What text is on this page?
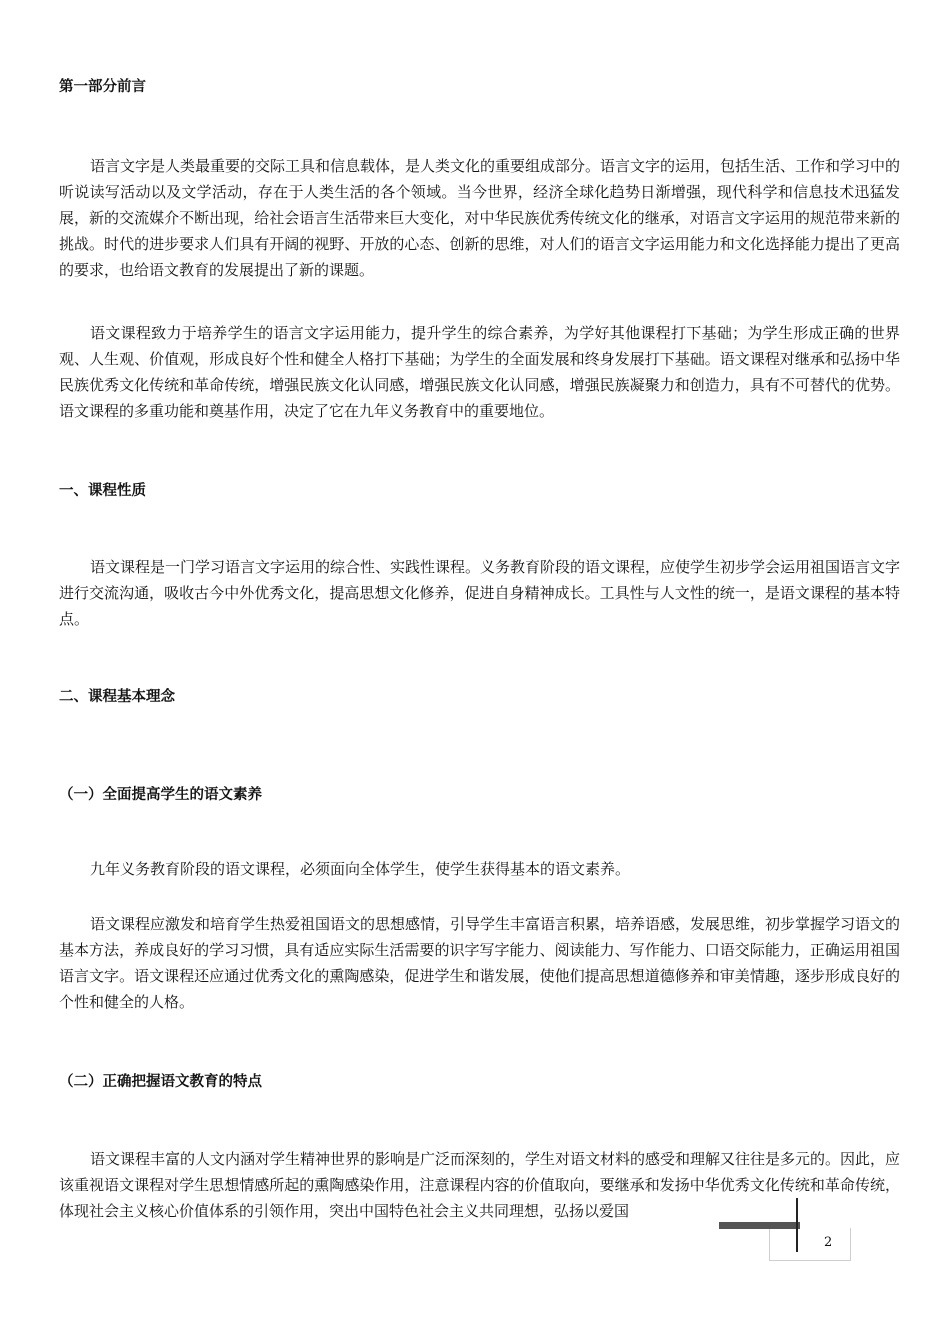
第一部分前言

语言文字是人类最重要的交际工具和信息载体，是人类文化的重要组成部分。语言文字的运用，包括生活、工作和学习中的听说读写活动以及文学活动，存在于人类生活的各个领域。当今世界，经济全球化趋势日渐增强，现代科学和信息技术迅猛发展，新的交流媒介不断出现，给社会语言生活带来巨大变化，对中华民族优秀传统文化的继承，对语言文字运用的规范带来新的挑战。时代的进步要求人们具有开阔的视野、开放的心态、创新的思维，对人们的语言文字运用能力和文化选择能力提出了更高的要求，也给语文教育的发展提出了新的课题。

语文课程致力于培养学生的语言文字运用能力，提升学生的综合素养，为学好其他课程打下基础；为学生形成正确的世界观、人生观、价值观，形成良好个性和健全人格打下基础；为学生的全面发展和终身发展打下基础。语文课程对继承和弘扬中华民族优秀文化传统和革命传统，增强民族文化认同感，增强民族文化认同感，增强民族凝聚力和创造力，具有不可替代的优势。语文课程的多重功能和奠基作用，决定了它在九年义务教育中的重要地位。

一、课程性质

语文课程是一门学习语言文字运用的综合性、实践性课程。义务教育阶段的语文课程，应使学生初步学会运用祖国语言文字进行交流沟通，吸收古今中外优秀文化，提高思想文化修养，促进自身精神成长。工具性与人文性的统一，是语文课程的基本特点。

二、课程基本理念
（一）全面提高学生的语文素养

九年义务教育阶段的语文课程，必须面向全体学生，使学生获得基本的语文素养。

语文课程应激发和培育学生热爱祖国语文的思想感情，引导学生丰富语言积累，培养语感，发展思维，初步掌握学习语文的基本方法，养成良好的学习习惯，具有适应实际生活需要的识字写字能力、阅读能力、写作能力、口语交际能力，正确运用祖国语言文字。语文课程还应通过优秀文化的熏陶感染，促进学生和谐发展，使他们提高思想道德修养和审美情趣，逐步形成良好的个性和健全的人格。

（二）正确把握语文教育的特点

语文课程丰富的人文内涵对学生精神世界的影响是广泛而深刻的，学生对语文材料的感受和理解又往往是多元的。因此，应该重视语文课程对学生思想情感所起的熏陶感染作用，注意课程内容的价值取向，要继承和发扬中华优秀文化传统和革命传统，体现社会主义核心价值体系的引领作用，突出中国特色社会主义共同理想，弘扬以爱国

2
